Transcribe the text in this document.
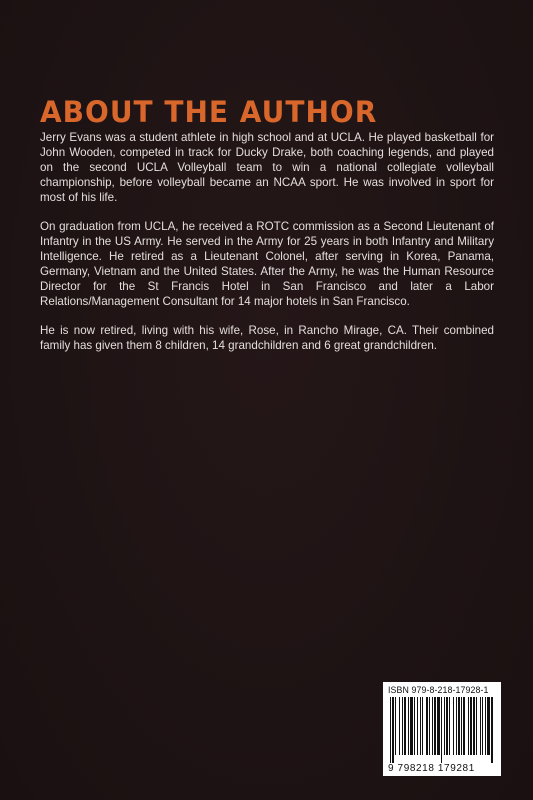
ABOUT THE AUTHOR

Jerry Evans was a student athlete in high school and at UCLA. He played basketball for John Wooden, competed in track for Ducky Drake, both coaching legends, and played on the second UCLA Volleyball team to win a national collegiate volleyball championship, before volleyball became an NCAA sport. He was involved in sport for most of his life.

On graduation from UCLA, he received a ROTC commission as a Second Lieutenant of Infantry in the US Army. He served in the Army for 25 years in both Infantry and Military Intelligence. He retired as a Lieutenant Colonel, after serving in Korea, Panama, Germany, Vietnam and the United States. After the Army, he was the Human Resource Director for the St Francis Hotel in San Francisco and later a Labor Relations/Management Consultant for 14 major hotels in San Francisco.

He is now retired, living with his wife, Rose, in Rancho Mirage, CA. Their combined family has given them 8 children, 14 grandchildren and 6 great grandchildren.

ISBN 979-8-218-17928-1
9 798218 179281
